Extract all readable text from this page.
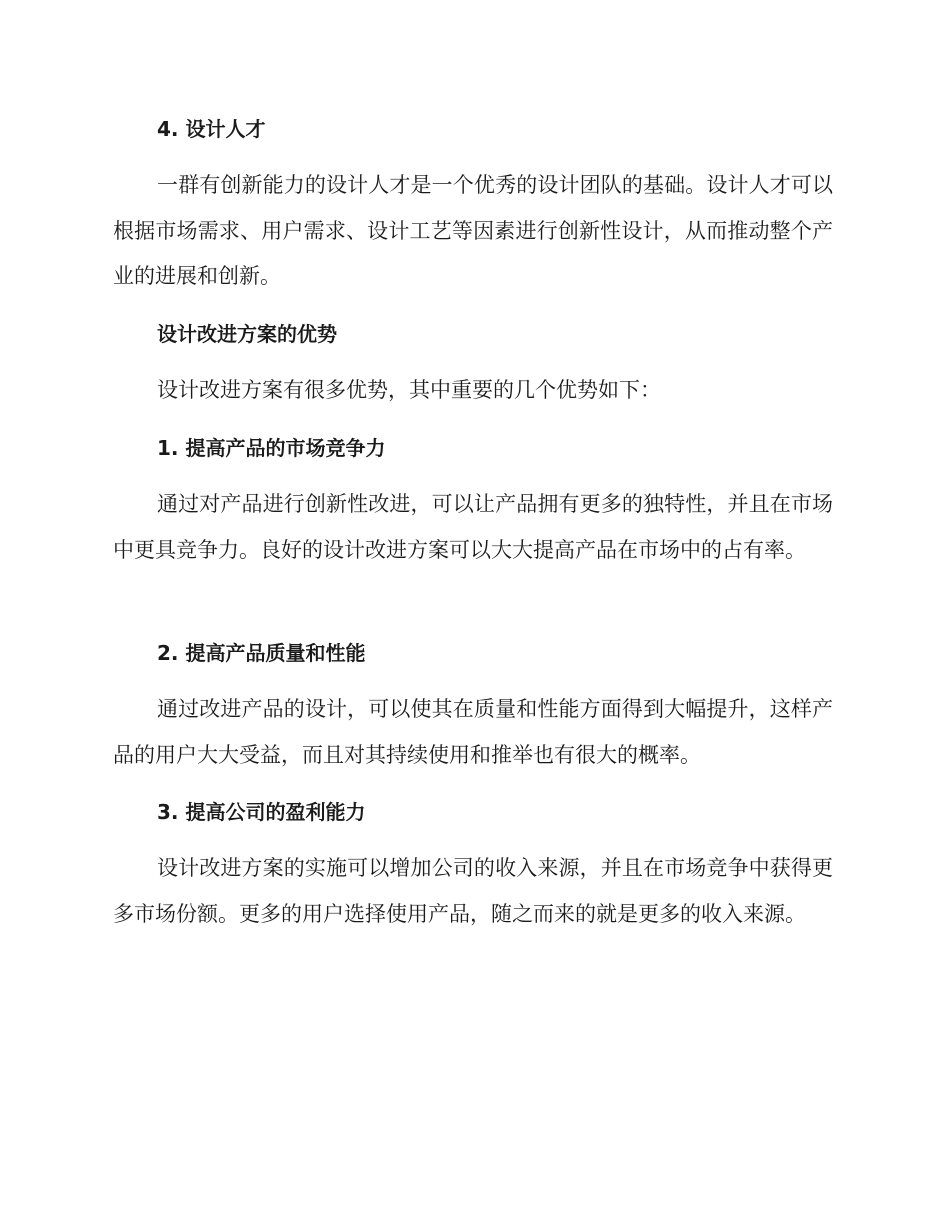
4. 设计人才

一群有创新能力的设计人才是一个优秀的设计团队的基础。设计人才可以根据市场需求、用户需求、设计工艺等因素进行创新性设计，从而推动整个产业的进展和创新。

设计改进方案的优势

设计改进方案有很多优势，其中重要的几个优势如下：

1. 提高产品的市场竞争力

通过对产品进行创新性改进，可以让产品拥有更多的独特性，并且在市场中更具竞争力。良好的设计改进方案可以大大提高产品在市场中的占有率。

2. 提高产品质量和性能

通过改进产品的设计，可以使其在质量和性能方面得到大幅提升，这样产品的用户大大受益，而且对其持续使用和推举也有很大的概率。

3. 提高公司的盈利能力

设计改进方案的实施可以增加公司的收入来源，并且在市场竞争中获得更多市场份额。更多的用户选择使用产品，随之而来的就是更多的收入来源。
